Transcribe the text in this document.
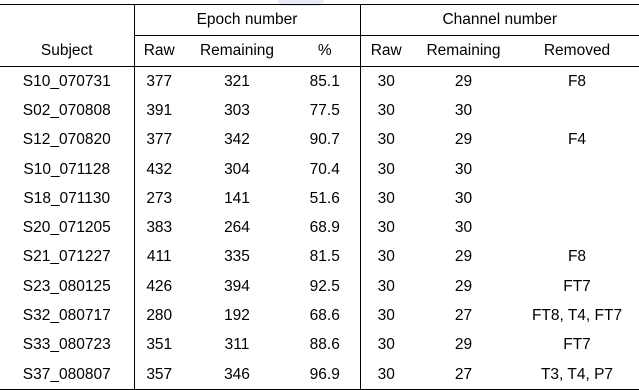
	Epoch number			Channel number		
Subject	Raw	Remaining	%	Raw	Remaining	Removed
S10_070731	377	321	85.1	30	29	F8
S02_070808	391	303	77.5	30	30	
S12_070820	377	342	90.7	30	29	F4
S10_071128	432	304	70.4	30	30	
S18_071130	273	141	51.6	30	30	
S20_071205	383	264	68.9	30	30	
S21_071227	411	335	81.5	30	29	F8
S23_080125	426	394	92.5	30	29	FT7
S32_080717	280	192	68.6	30	27	FT8, T4, FT7
S33_080723	351	311	88.6	30	29	FT7
S37_080807	357	346	96.9	30	27	T3, T4, P7
